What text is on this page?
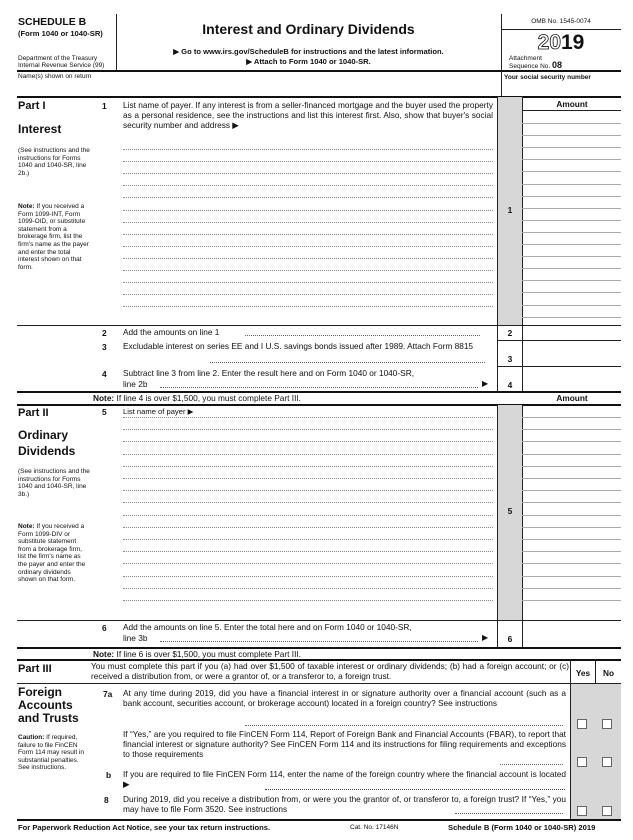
SCHEDULE B
(Form 1040 or 1040-SR)
Department of the Treasury
Internal Revenue Service (99)
Interest and Ordinary Dividends
▶ Go to www.irs.gov/ScheduleB for instructions and the latest information.
▶ Attach to Form 1040 or 1040-SR.
OMB No. 1545-0074
2019
Attachment
Sequence No. 08
Name(s) shown on return	Your social security number
Part I
Interest
(See instructions and the instructions for Forms 1040 and 1040-SR, line 2b.)
Note: If you received a Form 1099-INT, Form 1099-OID, or substitute statement from a brokerage firm, list the firm's name as the payer and enter the total interest shown on that form.
Amount
1 List name of payer. If any interest is from a seller-financed mortgage and the buyer used the property as a personal residence, see the instructions and list this interest first. Also, show that buyer's social security number and address ▶
1
2 Add the amounts on line 1	2
3 Excludable interest on series EE and I U.S. savings bonds issued after 1989. Attach Form 8815
3
4 Subtract line 3 from line 2. Enter the result here and on Form 1040 or 1040-SR,
line 2b	▶	4
Note: If line 4 is over $1,500, you must complete Part III.	Amount
Part II
Ordinary
Dividends
(See instructions and the instructions for Forms 1040 and 1040-SR, line 3b.)
Note: If you received a Form 1099-DIV or substitute statement from a brokerage firm, list the firm's name as the payer and enter the ordinary dividends shown on that form.
5 List name of payer ▶
5
6 Add the amounts on line 5. Enter the total here and on Form 1040 or 1040-SR,
line 3b	▶	6
Note: If line 6 is over $1,500, you must complete Part III.
Part III	You must complete this part if you (a) had over $1,500 of taxable interest or ordinary dividends; (b) had a foreign account; or (c) received a distribution from, or were a grantor of, or a transferor to, a foreign trust.	Yes	No
Foreign
Accounts
and Trusts
Caution: If required, failure to file FinCEN Form 114 may result in substantial penalties. See instructions.
7a At any time during 2019, did you have a financial interest in or signature authority over a financial account (such as a bank account, securities account, or brokerage account) located in a foreign country? See instructions
If “Yes,” are you required to file FinCEN Form 114, Report of Foreign Bank and Financial Accounts (FBAR), to report that financial interest or signature authority? See FinCEN Form 114 and its instructions for filing requirements and exceptions to those requirements
b If you are required to file FinCEN Form 114, enter the name of the foreign country where the financial account is located ▶
8 During 2019, did you receive a distribution from, or were you the grantor of, or transferor to, a foreign trust? If “Yes,” you may have to file Form 3520. See instructions
For Paperwork Reduction Act Notice, see your tax return instructions.	Cat. No. 17146N	Schedule B (Form 1040 or 1040-SR) 2019
